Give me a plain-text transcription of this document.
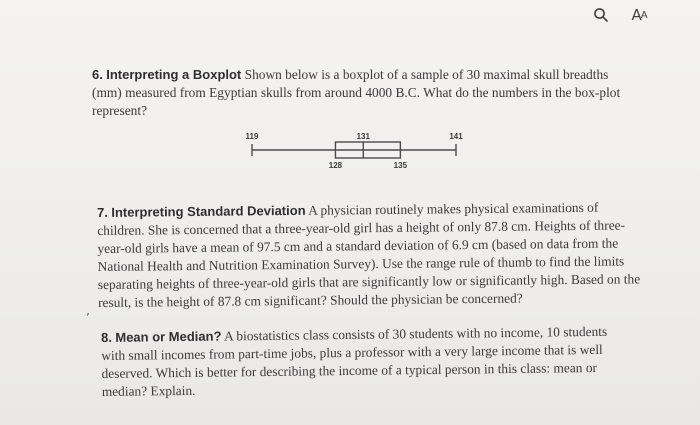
A A
6. Interpreting a Boxplot Shown below is a boxplot of a sample of 30 maximal skull breadths (mm) measured from Egyptian skulls from around 4000 B.C. What do the numbers in the box-plot represent?
119
128
131
135
141
7. Interpreting Standard Deviation A physician routinely makes physical examinations of children. She is concerned that a three-year-old girl has a height of only 87.8 cm. Heights of three-year-old girls have a mean of 97.5 cm and a standard deviation of 6.9 cm (based on data from the National Health and Nutrition Examination Survey). Use the range rule of thumb to find the limits separating heights of three-year-old girls that are significantly low or significantly high. Based on the result, is the height of 87.8 cm significant? Should the physician be concerned?
’
8. Mean or Median? A biostatistics class consists of 30 students with no income, 10 students with small incomes from part-time jobs, plus a professor with a very large income that is well deserved. Which is better for describing the income of a typical person in this class: mean or median? Explain.
